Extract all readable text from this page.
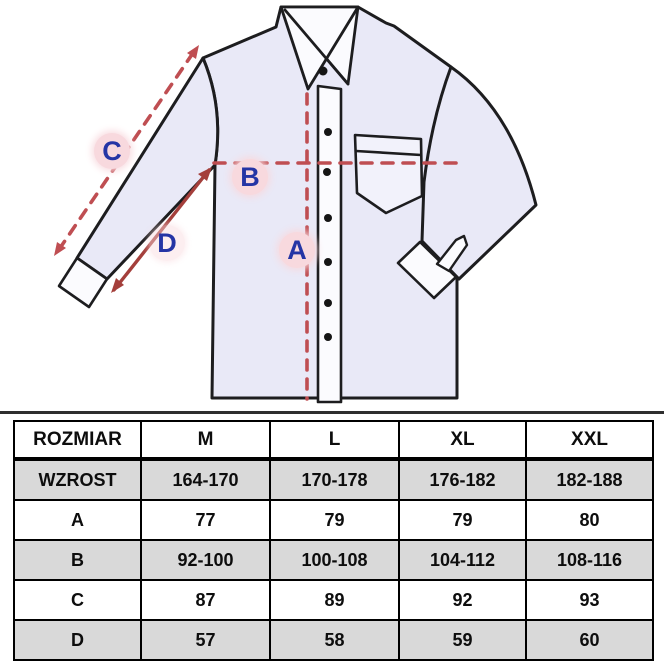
A
B
C
D
ROZMIAR	M	L	XL	XXL
WZROST	164-170	170-178	176-182	182-188
A	77	79	79	80
B	92-100	100-108	104-112	108-116
C	87	89	92	93
D	57	58	59	60
